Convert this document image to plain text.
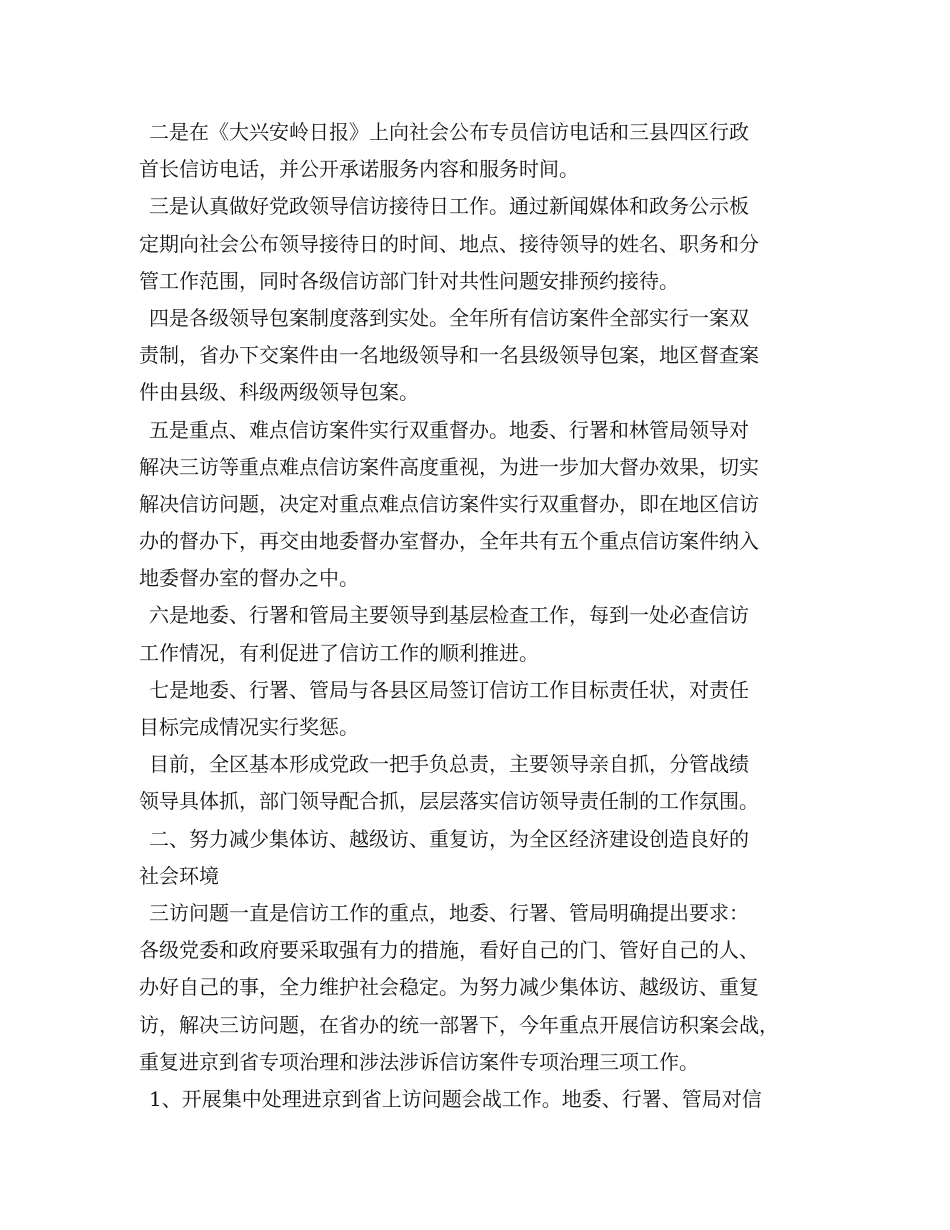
二是在《大兴安岭日报》上向社会公布专员信访电话和三县四区行政
首长信访电话，并公开承诺服务内容和服务时间。
三是认真做好党政领导信访接待日工作。通过新闻媒体和政务公示板
定期向社会公布领导接待日的时间、地点、接待领导的姓名、职务和分
管工作范围，同时各级信访部门针对共性问题安排预约接待。
四是各级领导包案制度落到实处。全年所有信访案件全部实行一案双
责制，省办下交案件由一名地级领导和一名县级领导包案，地区督查案
件由县级、科级两级领导包案。
五是重点、难点信访案件实行双重督办。地委、行署和林管局领导对
解决三访等重点难点信访案件高度重视，为进一步加大督办效果，切实
解决信访问题，决定对重点难点信访案件实行双重督办，即在地区信访
办的督办下，再交由地委督办室督办，全年共有五个重点信访案件纳入
地委督办室的督办之中。
六是地委、行署和管局主要领导到基层检查工作，每到一处必查信访
工作情况，有利促进了信访工作的顺利推进。
七是地委、行署、管局与各县区局签订信访工作目标责任状，对责任
目标完成情况实行奖惩。
目前，全区基本形成党政一把手负总责，主要领导亲自抓，分管战绩
领导具体抓，部门领导配合抓，层层落实信访领导责任制的工作氛围。
二、努力减少集体访、越级访、重复访，为全区经济建设创造良好的
社会环境
三访问题一直是信访工作的重点，地委、行署、管局明确提出要求：
各级党委和政府要采取强有力的措施，看好自己的门、管好自己的人、
办好自己的事，全力维护社会稳定。为努力减少集体访、越级访、重复
访，解决三访问题，在省办的统一部署下，今年重点开展信访积案会战，
重复进京到省专项治理和涉法涉诉信访案件专项治理三项工作。
1、开展集中处理进京到省上访问题会战工作。地委、行署、管局对信
